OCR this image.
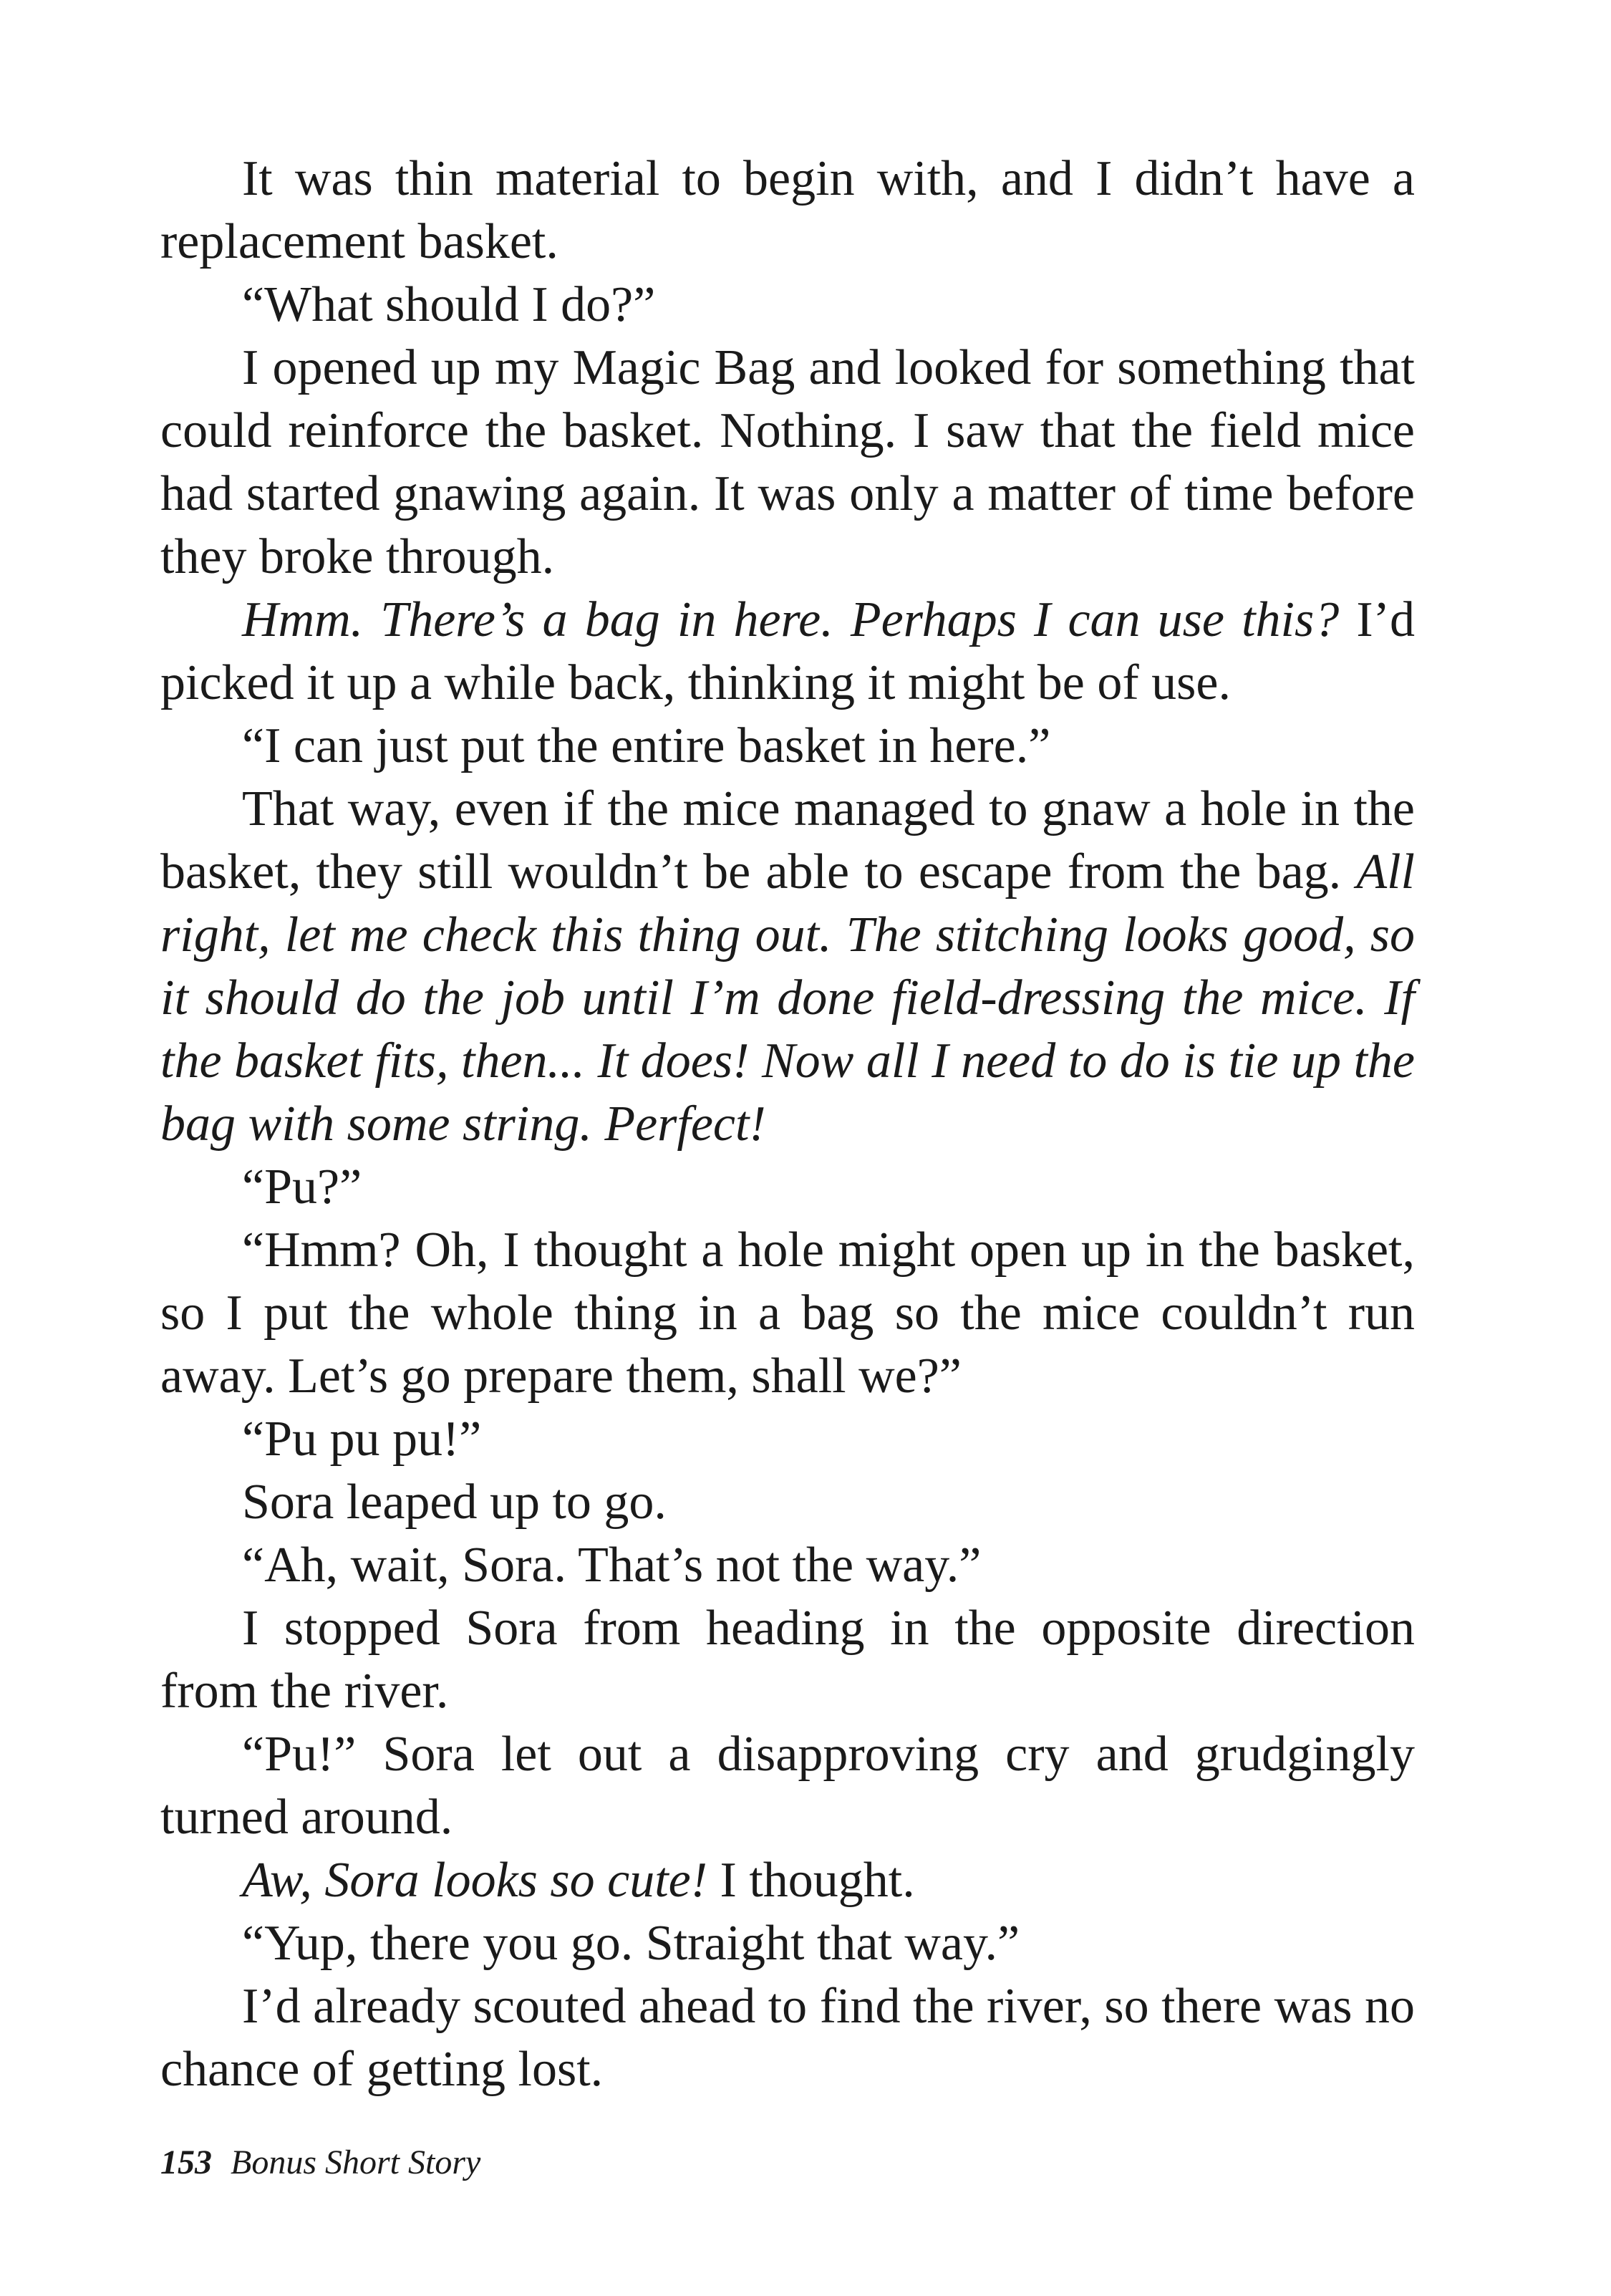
It was thin material to begin with, and I didn’t have a replacement basket.

“What should I do?”

I opened up my Magic Bag and looked for something that could reinforce the basket. Nothing. I saw that the field mice had started gnawing again. It was only a matter of time before they broke through.

Hmm. There’s a bag in here. Perhaps I can use this? I’d picked it up a while back, thinking it might be of use.

“I can just put the entire basket in here.”

That way, even if the mice managed to gnaw a hole in the basket, they still wouldn’t be able to escape from the bag. All right, let me check this thing out. The stitching looks good, so it should do the job until I’m done field-dressing the mice. If the basket fits, then... It does! Now all I need to do is tie up the bag with some string. Perfect!

“Pu?”

“Hmm? Oh, I thought a hole might open up in the basket, so I put the whole thing in a bag so the mice couldn’t run away. Let’s go prepare them, shall we?”

“Pu pu pu!”

Sora leaped up to go.

“Ah, wait, Sora. That’s not the way.”

I stopped Sora from heading in the opposite direction from the river.

“Pu!” Sora let out a disapproving cry and grudgingly turned around.

Aw, Sora looks so cute! I thought.

“Yup, there you go. Straight that way.”

I’d already scouted ahead to find the river, so there was no chance of getting lost.

153 Bonus Short Story
